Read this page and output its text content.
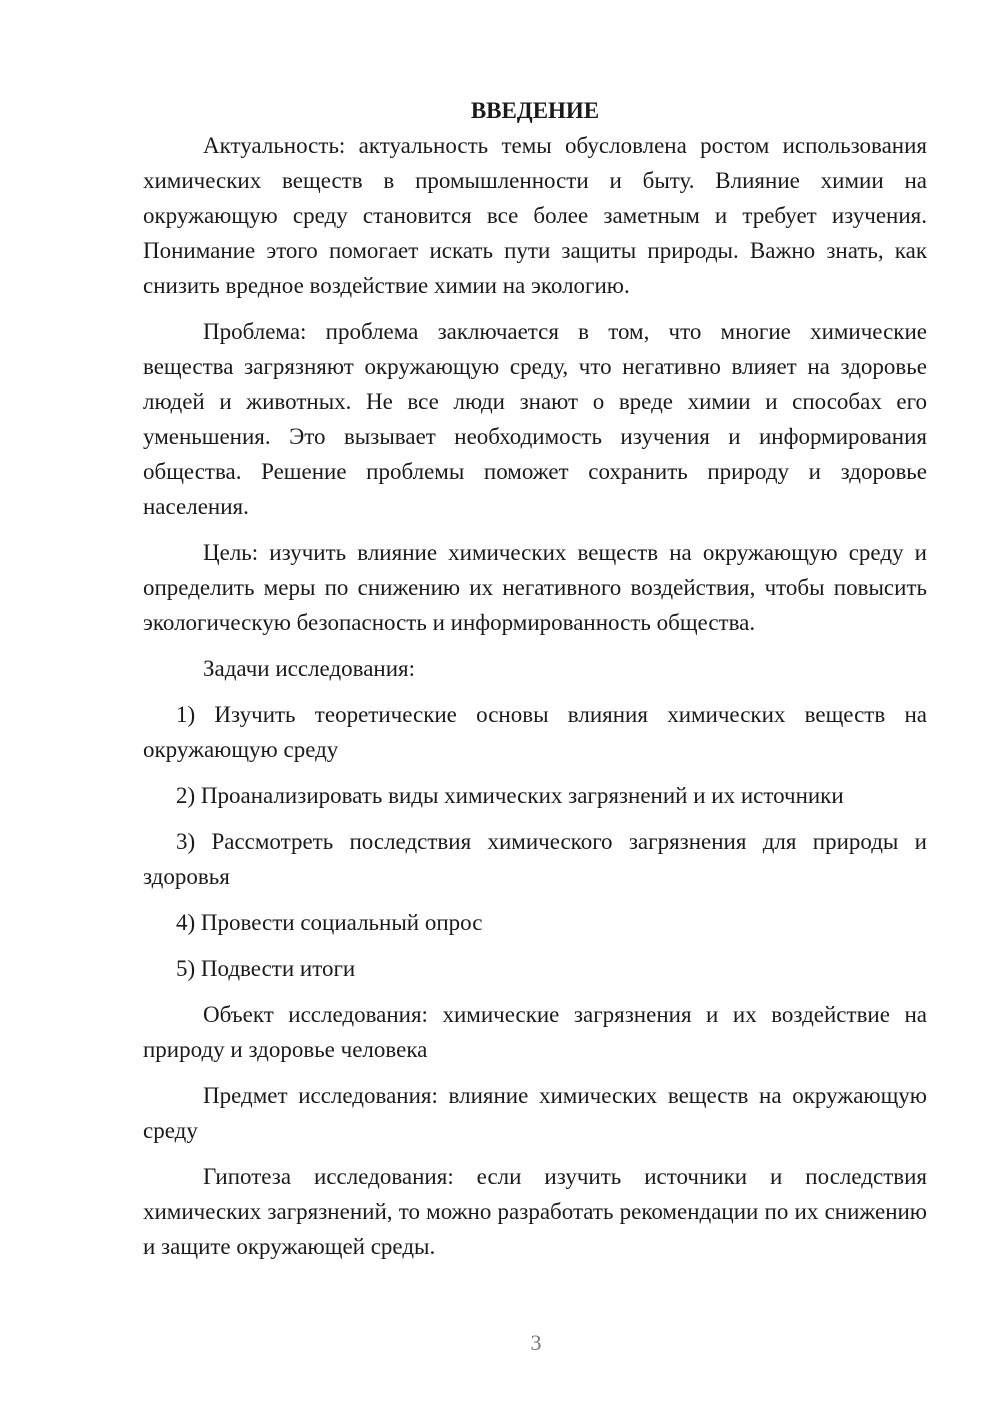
ВВЕДЕНИЕ

Актуальность: актуальность темы обусловлена ростом использования химических веществ в промышленности и быту. Влияние химии на окружающую среду становится все более заметным и требует изучения. Понимание этого помогает искать пути защиты природы. Важно знать, как снизить вредное воздействие химии на экологию.

Проблема: проблема заключается в том, что многие химические вещества загрязняют окружающую среду, что негативно влияет на здоровье людей и животных. Не все люди знают о вреде химии и способах его уменьшения. Это вызывает необходимость изучения и информирования общества. Решение проблемы поможет сохранить природу и здоровье населения.

Цель: изучить влияние химических веществ на окружающую среду и определить меры по снижению их негативного воздействия, чтобы повысить экологическую безопасность и информированность общества.

Задачи исследования:

1) Изучить теоретические основы влияния химических веществ на окружающую среду

2) Проанализировать виды химических загрязнений и их источники

3) Рассмотреть последствия химического загрязнения для природы и здоровья

4) Провести социальный опрос

5) Подвести итоги

Объект исследования: химические загрязнения и их воздействие на природу и здоровье человека

Предмет исследования: влияние химических веществ на окружающую среду

Гипотеза исследования: если изучить источники и последствия химических загрязнений, то можно разработать рекомендации по их снижению и защите окружающей среды.

3
